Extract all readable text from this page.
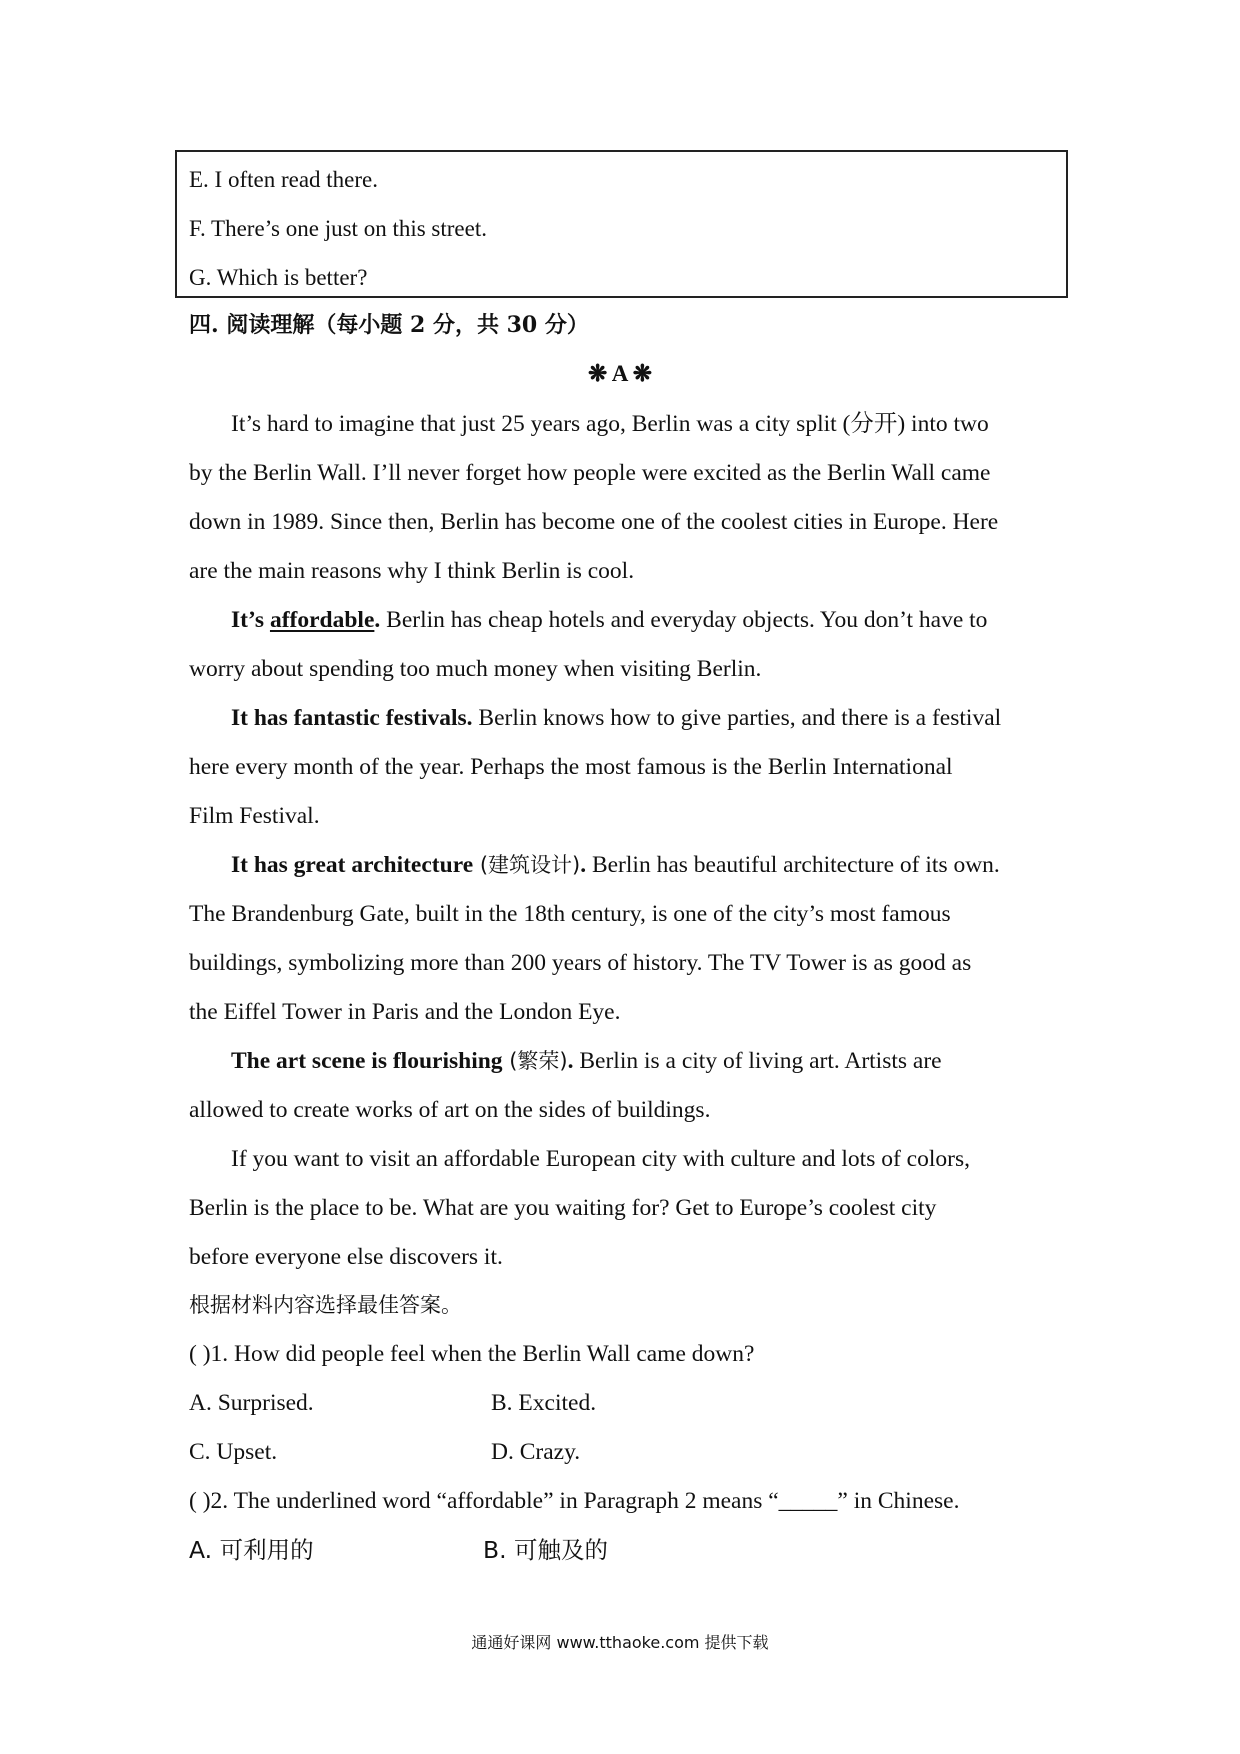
E. I often read there.
F. There’s one just on this street.
G. Which is better?
四. 阅读理解（每小题 2 分，共 30 分）
❋ A ❋
It’s hard to imagine that just 25 years ago, Berlin was a city split (分开) into two
by the Berlin Wall. I’ll never forget how people were excited as the Berlin Wall came
down in 1989. Since then, Berlin has become one of the coolest cities in Europe. Here
are the main reasons why I think Berlin is cool.
It’s affordable. Berlin has cheap hotels and everyday objects. You don’t have to
worry about spending too much money when visiting Berlin.
It has fantastic festivals. Berlin knows how to give parties, and there is a festival
here every month of the year. Perhaps the most famous is the Berlin International
Film Festival.
It has great architecture (建筑设计). Berlin has beautiful architecture of its own.
The Brandenburg Gate, built in the 18th century, is one of the city’s most famous
buildings, symbolizing more than 200 years of history. The TV Tower is as good as
the Eiffel Tower in Paris and the London Eye.
The art scene is flourishing (繁荣). Berlin is a city of living art. Artists are
allowed to create works of art on the sides of buildings.
If you want to visit an affordable European city with culture and lots of colors,
Berlin is the place to be. What are you waiting for? Get to Europe’s coolest city
before everyone else discovers it.
根据材料内容选择最佳答案。
( )1. How did people feel when the Berlin Wall came down?
A. Surprised.	B. Excited.
C. Upset.	D. Crazy.
( )2. The underlined word “affordable” in Paragraph 2 means “_____” in Chinese.
A. 可利用的	B. 可触及的
通通好课网 www.tthaoke.com 提供下载
